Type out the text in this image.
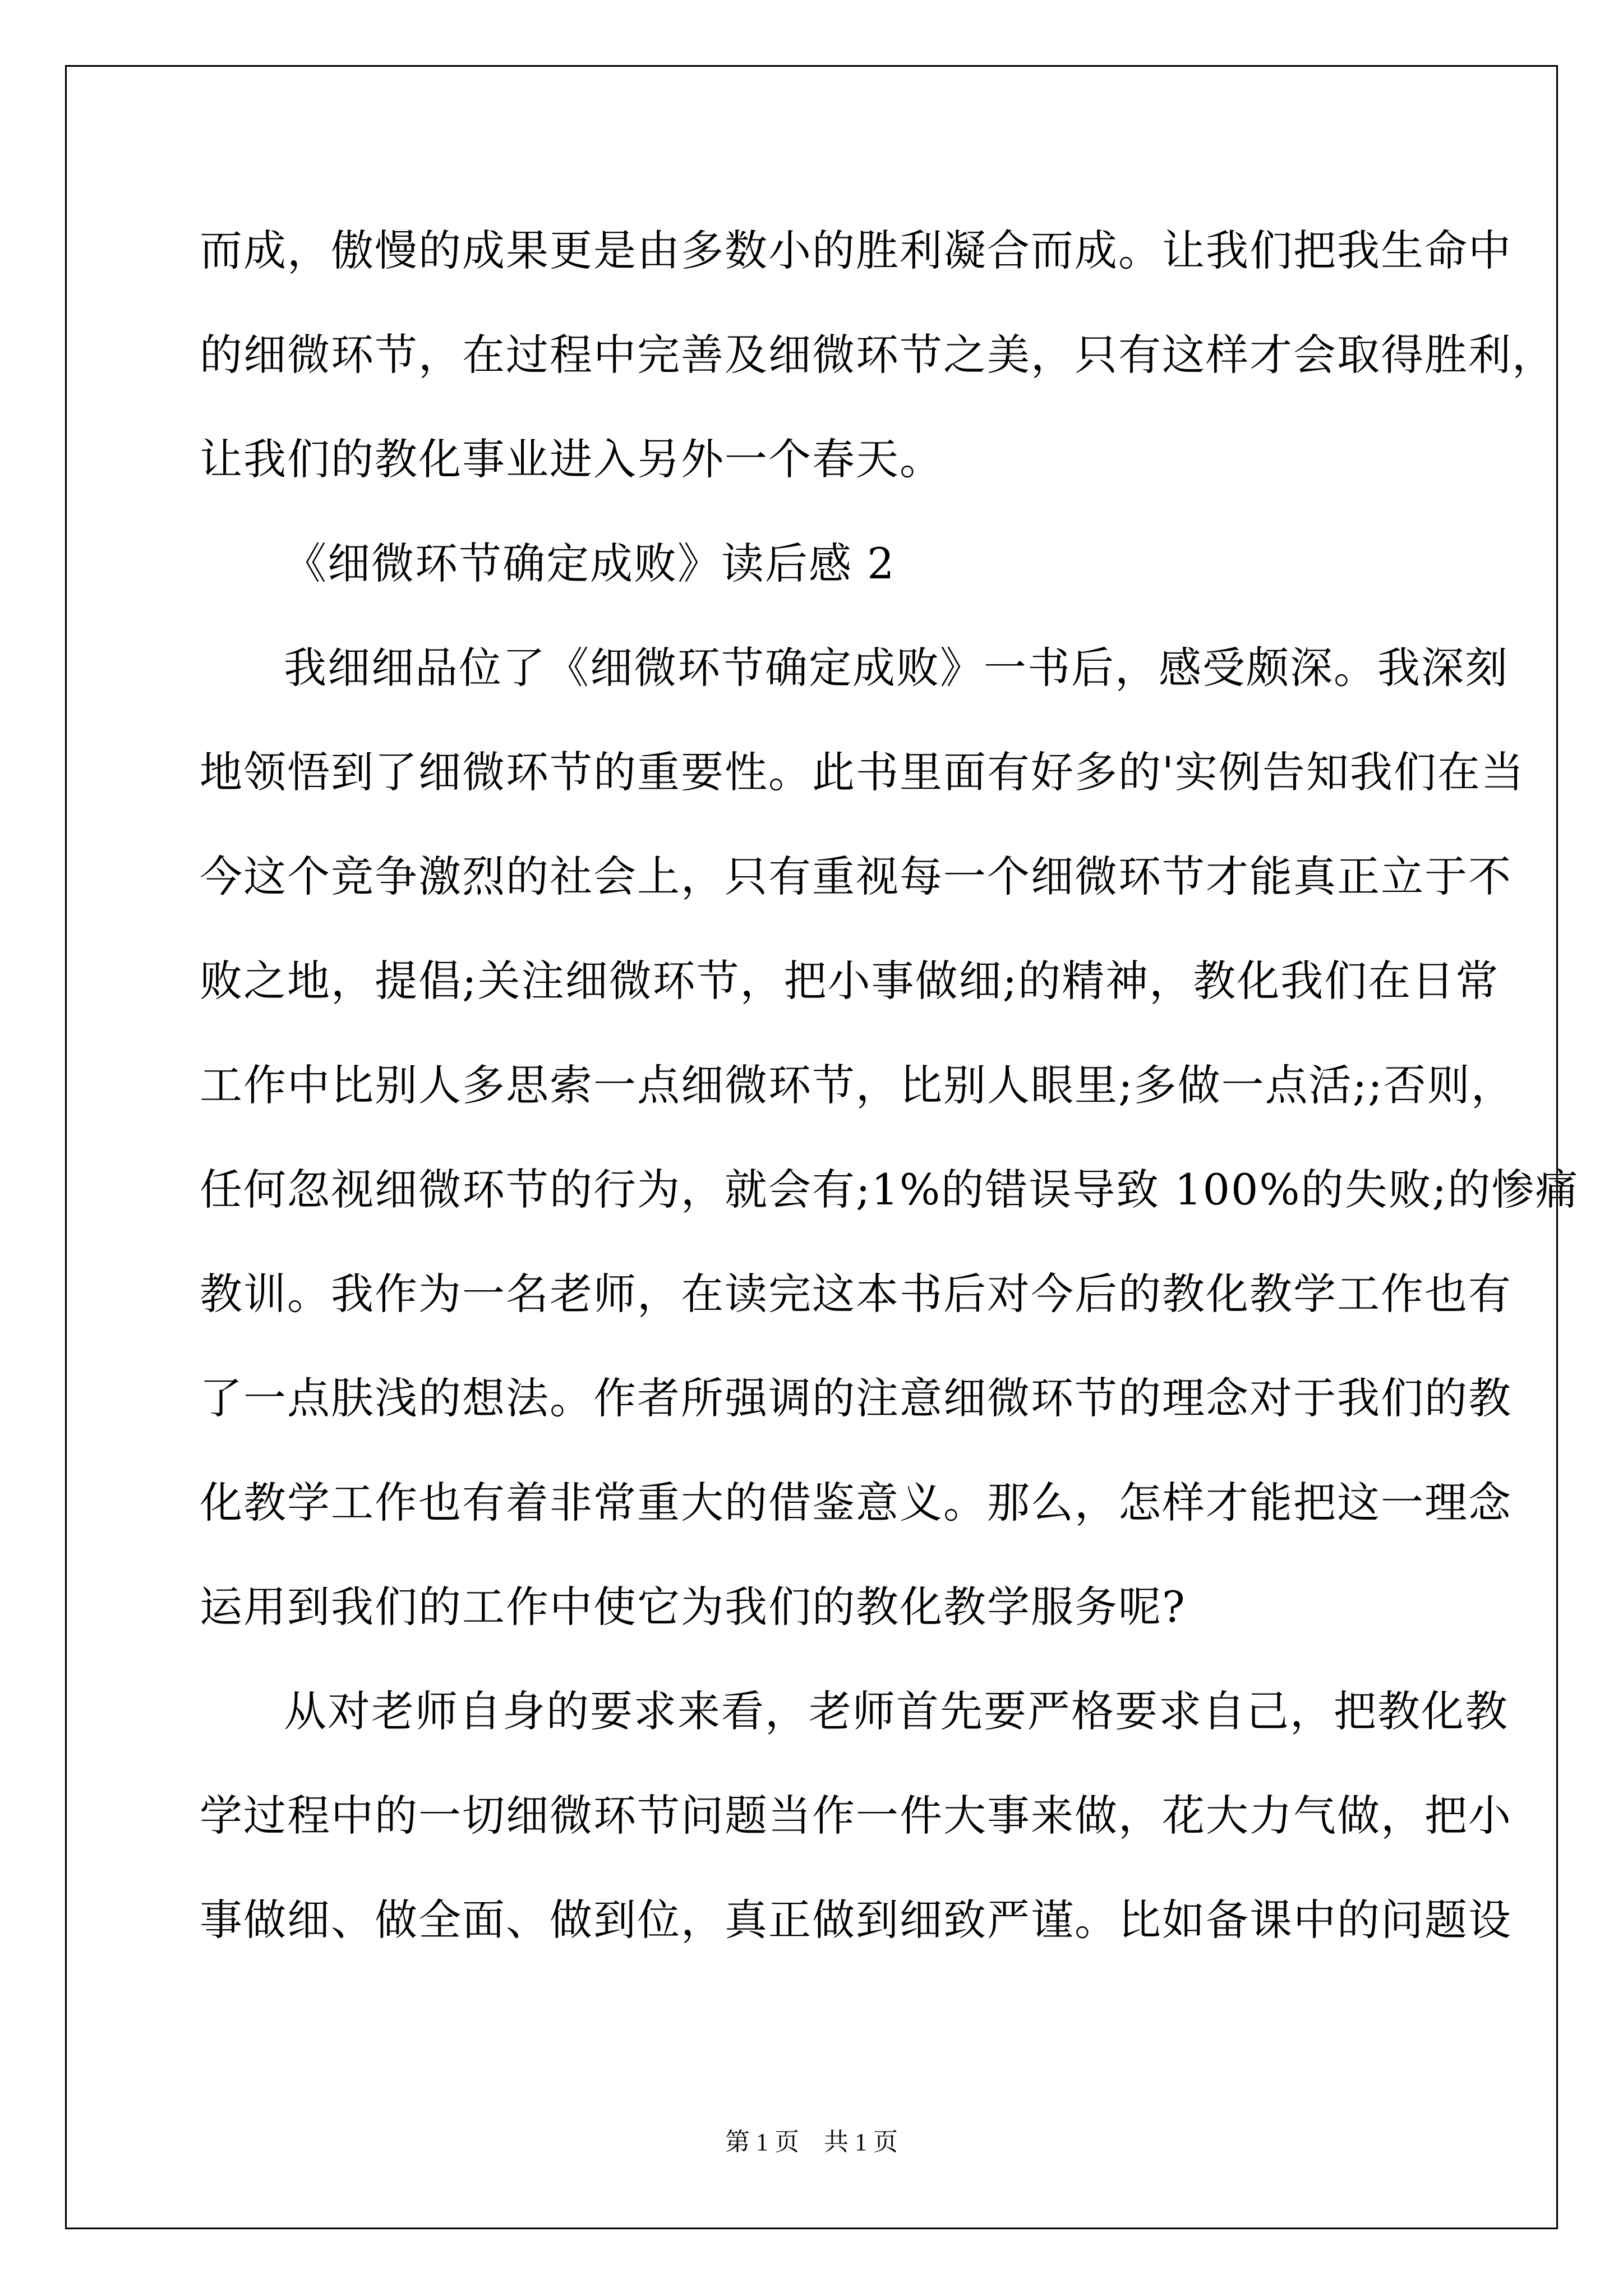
而成，傲慢的成果更是由多数小的胜利凝合而成。让我们把我生命中
的细微环节，在过程中完善及细微环节之美，只有这样才会取得胜利，
让我们的教化事业进入另外一个春天。
《细微环节确定成败》读后感 2
我细细品位了《细微环节确定成败》一书后，感受颇深。我深刻
地领悟到了细微环节的重要性。此书里面有好多的'实例告知我们在当
今这个竞争激烈的社会上，只有重视每一个细微环节才能真正立于不
败之地，提倡;关注细微环节，把小事做细;的精神，教化我们在日常
工作中比别人多思索一点细微环节，比别人眼里;多做一点活;;否则，
任何忽视细微环节的行为，就会有;1%的错误导致 100%的失败;的惨痛
教训。我作为一名老师，在读完这本书后对今后的教化教学工作也有
了一点肤浅的想法。作者所强调的注意细微环节的理念对于我们的教
化教学工作也有着非常重大的借鉴意义。那么，怎样才能把这一理念
运用到我们的工作中使它为我们的教化教学服务呢?
从对老师自身的要求来看，老师首先要严格要求自己，把教化教
学过程中的一切细微环节问题当作一件大事来做，花大力气做，把小
事做细、做全面、做到位，真正做到细致严谨。比如备课中的问题设
第 1 页　共 1 页
